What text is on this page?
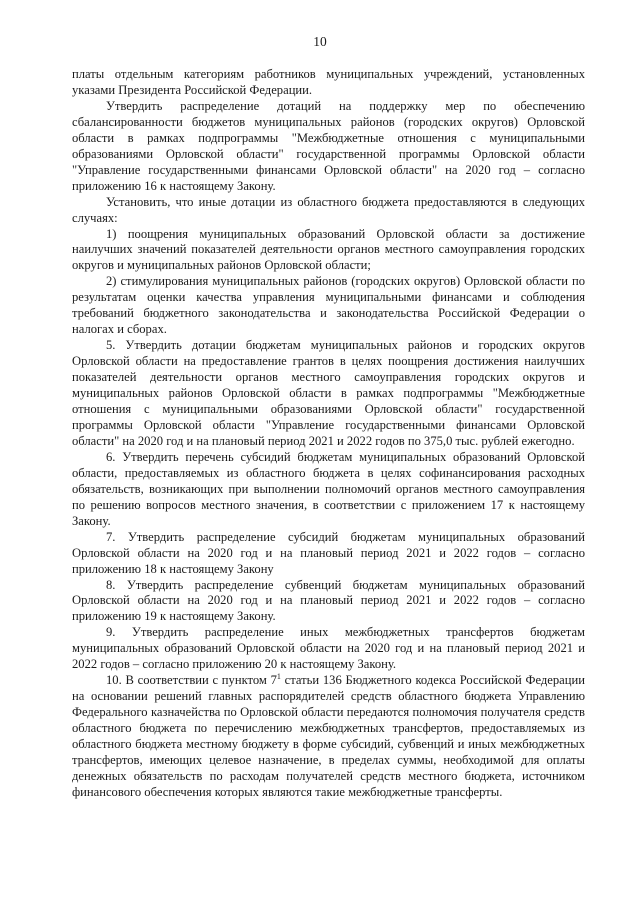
10

платы отдельным категориям работников муниципальных учреждений, установленных указами Президента Российской Федерации.

Утвердить распределение дотаций на поддержку мер по обеспечению сбалансированности бюджетов муниципальных районов (городских округов) Орловской области в рамках подпрограммы "Межбюджетные отношения с муниципальными образованиями Орловской области" государственной программы Орловской области "Управление государственными финансами Орловской области" на 2020 год – согласно приложению 16 к настоящему Закону.

Установить, что иные дотации из областного бюджета предоставляются в следующих случаях:

1) поощрения муниципальных образований Орловской области за достижение наилучших значений показателей деятельности органов местного самоуправления городских округов и муниципальных районов Орловской области;

2) стимулирования муниципальных районов (городских округов) Орловской области по результатам оценки качества управления муниципальными финансами и соблюдения требований бюджетного законодательства и законодательства Российской Федерации о налогах и сборах.

5. Утвердить дотации бюджетам муниципальных районов и городских округов Орловской области на предоставление грантов в целях поощрения достижения наилучших показателей деятельности органов местного самоуправления городских округов и муниципальных районов Орловской области в рамках подпрограммы "Межбюджетные отношения с муниципальными образованиями Орловской области" государственной программы Орловской области "Управление государственными финансами Орловской области" на 2020 год и на плановый период 2021 и 2022 годов по 375,0 тыс. рублей ежегодно.

6. Утвердить перечень субсидий бюджетам муниципальных образований Орловской области, предоставляемых из областного бюджета в целях софинансирования расходных обязательств, возникающих при выполнении полномочий органов местного самоуправления по решению вопросов местного значения, в соответствии с приложением 17 к настоящему Закону.

7. Утвердить распределение субсидий бюджетам муниципальных образований Орловской области на 2020 год и на плановый период 2021 и 2022 годов – согласно приложению 18 к настоящему Закону

8. Утвердить распределение субвенций бюджетам муниципальных образований Орловской области на 2020 год и на плановый период 2021 и 2022 годов – согласно приложению 19 к настоящему Закону.

9. Утвердить распределение иных межбюджетных трансфертов бюджетам муниципальных образований Орловской области на 2020 год и на плановый период 2021 и 2022 годов – согласно приложению 20 к настоящему Закону.

10. В соответствии с пунктом $7^1$ статьи 136 Бюджетного кодекса Российской Федерации на основании решений главных распорядителей средств областного бюджета Управлению Федерального казначейства по Орловской области передаются полномочия получателя средств областного бюджета по перечислению межбюджетных трансфертов, предоставляемых из областного бюджета местному бюджету в форме субсидий, субвенций и иных межбюджетных трансфертов, имеющих целевое назначение, в пределах суммы, необходимой для оплаты денежных обязательств по расходам получателей средств местного бюджета, источником финансового обеспечения которых являются такие межбюджетные трансферты.
